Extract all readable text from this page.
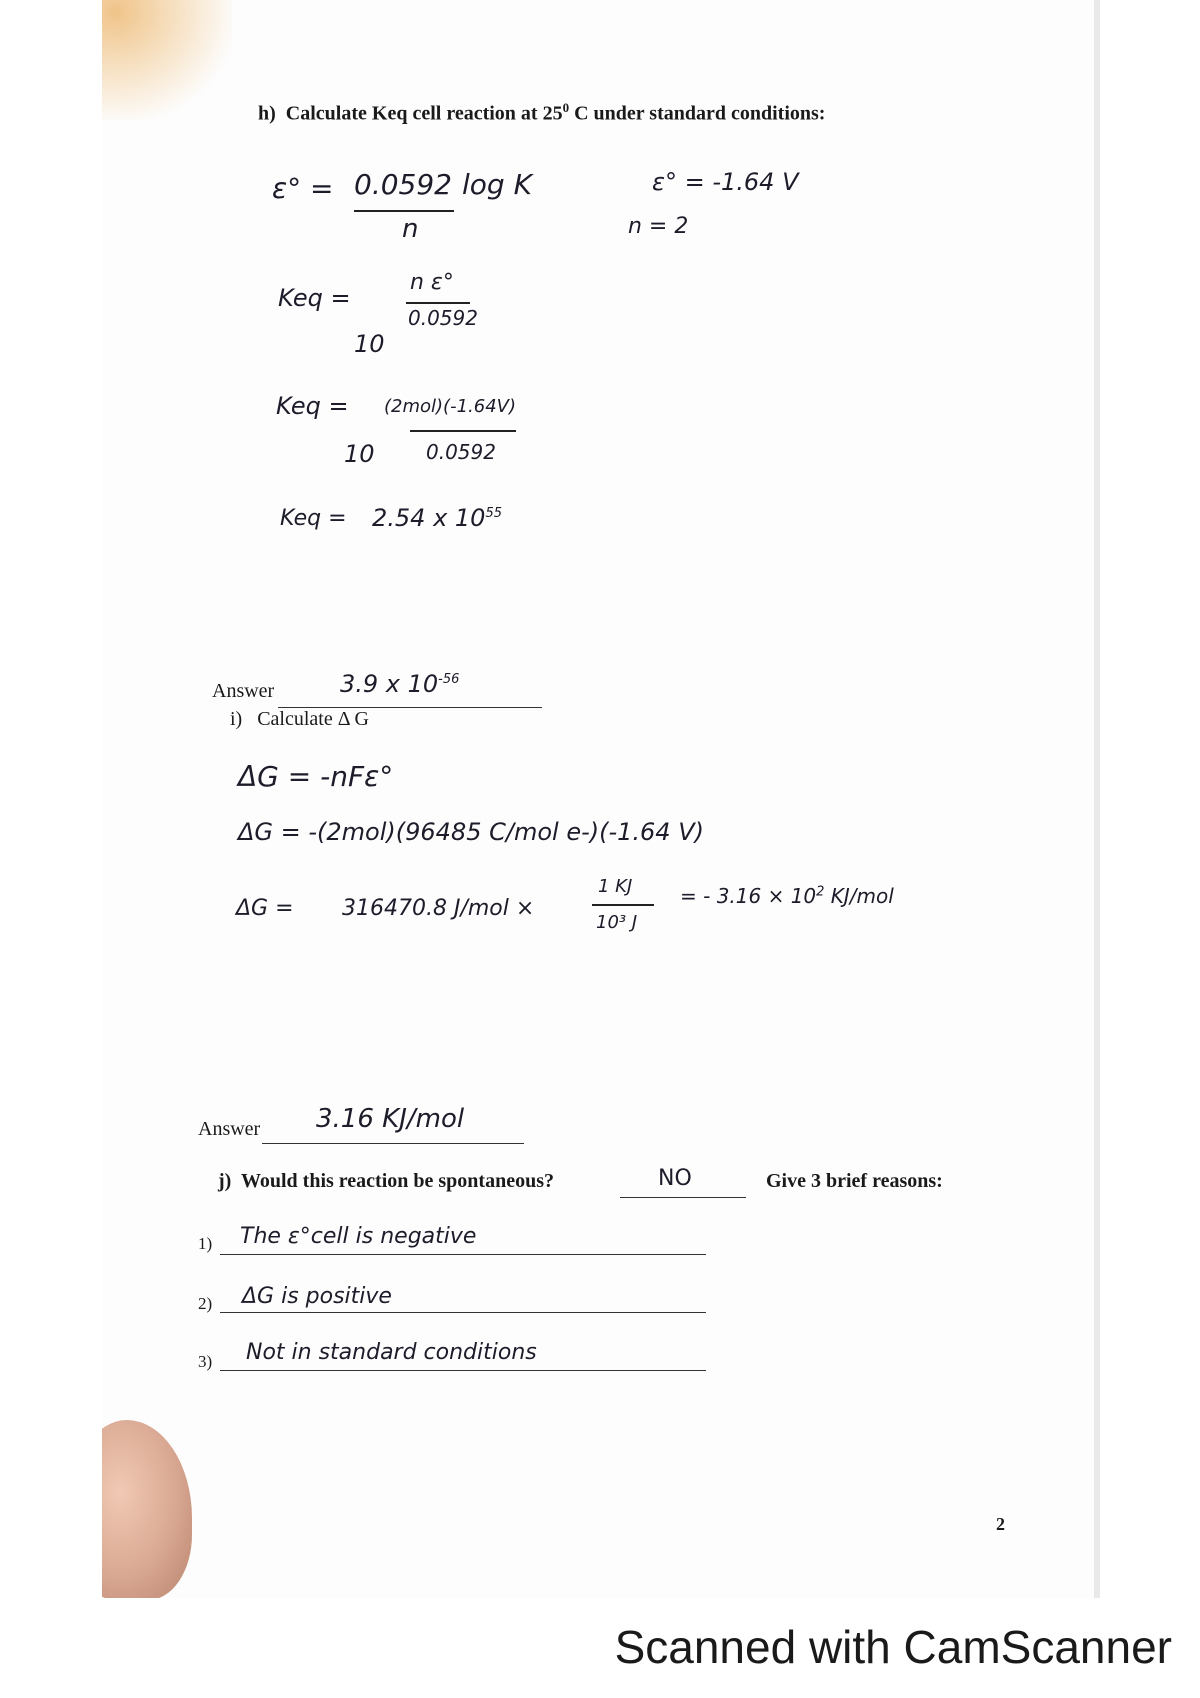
h) Calculate Keq cell reaction at $25^0$ C under standard conditions:
ε° = 0.0592
n
log K	ε° = -1.64 V
n = 2
Keq =
10
n ε°
0.0592
Keq =
10
(2mol)(-1.64V)
0.0592
Keq = 2.54 x $10^{55}$
Answer	3.9 x $10^{-56}$
i) Calculate Δ G
ΔG = -nFε°
ΔG = -(2mol)(96485 C/mol e-)(-1.64 V)
ΔG = 316470.8 J/mol ×
1 KJ
10³ J
= - $3.16 \times 10^2$ KJ/mol
Answer 3.16 KJ/mol
j) Would this reaction be spontaneous?	NO	Give 3 brief reasons:
1) The ε°cell is negative
2) ΔG is positive
3) Not in standard conditions
2
Scanned with CamScanner
